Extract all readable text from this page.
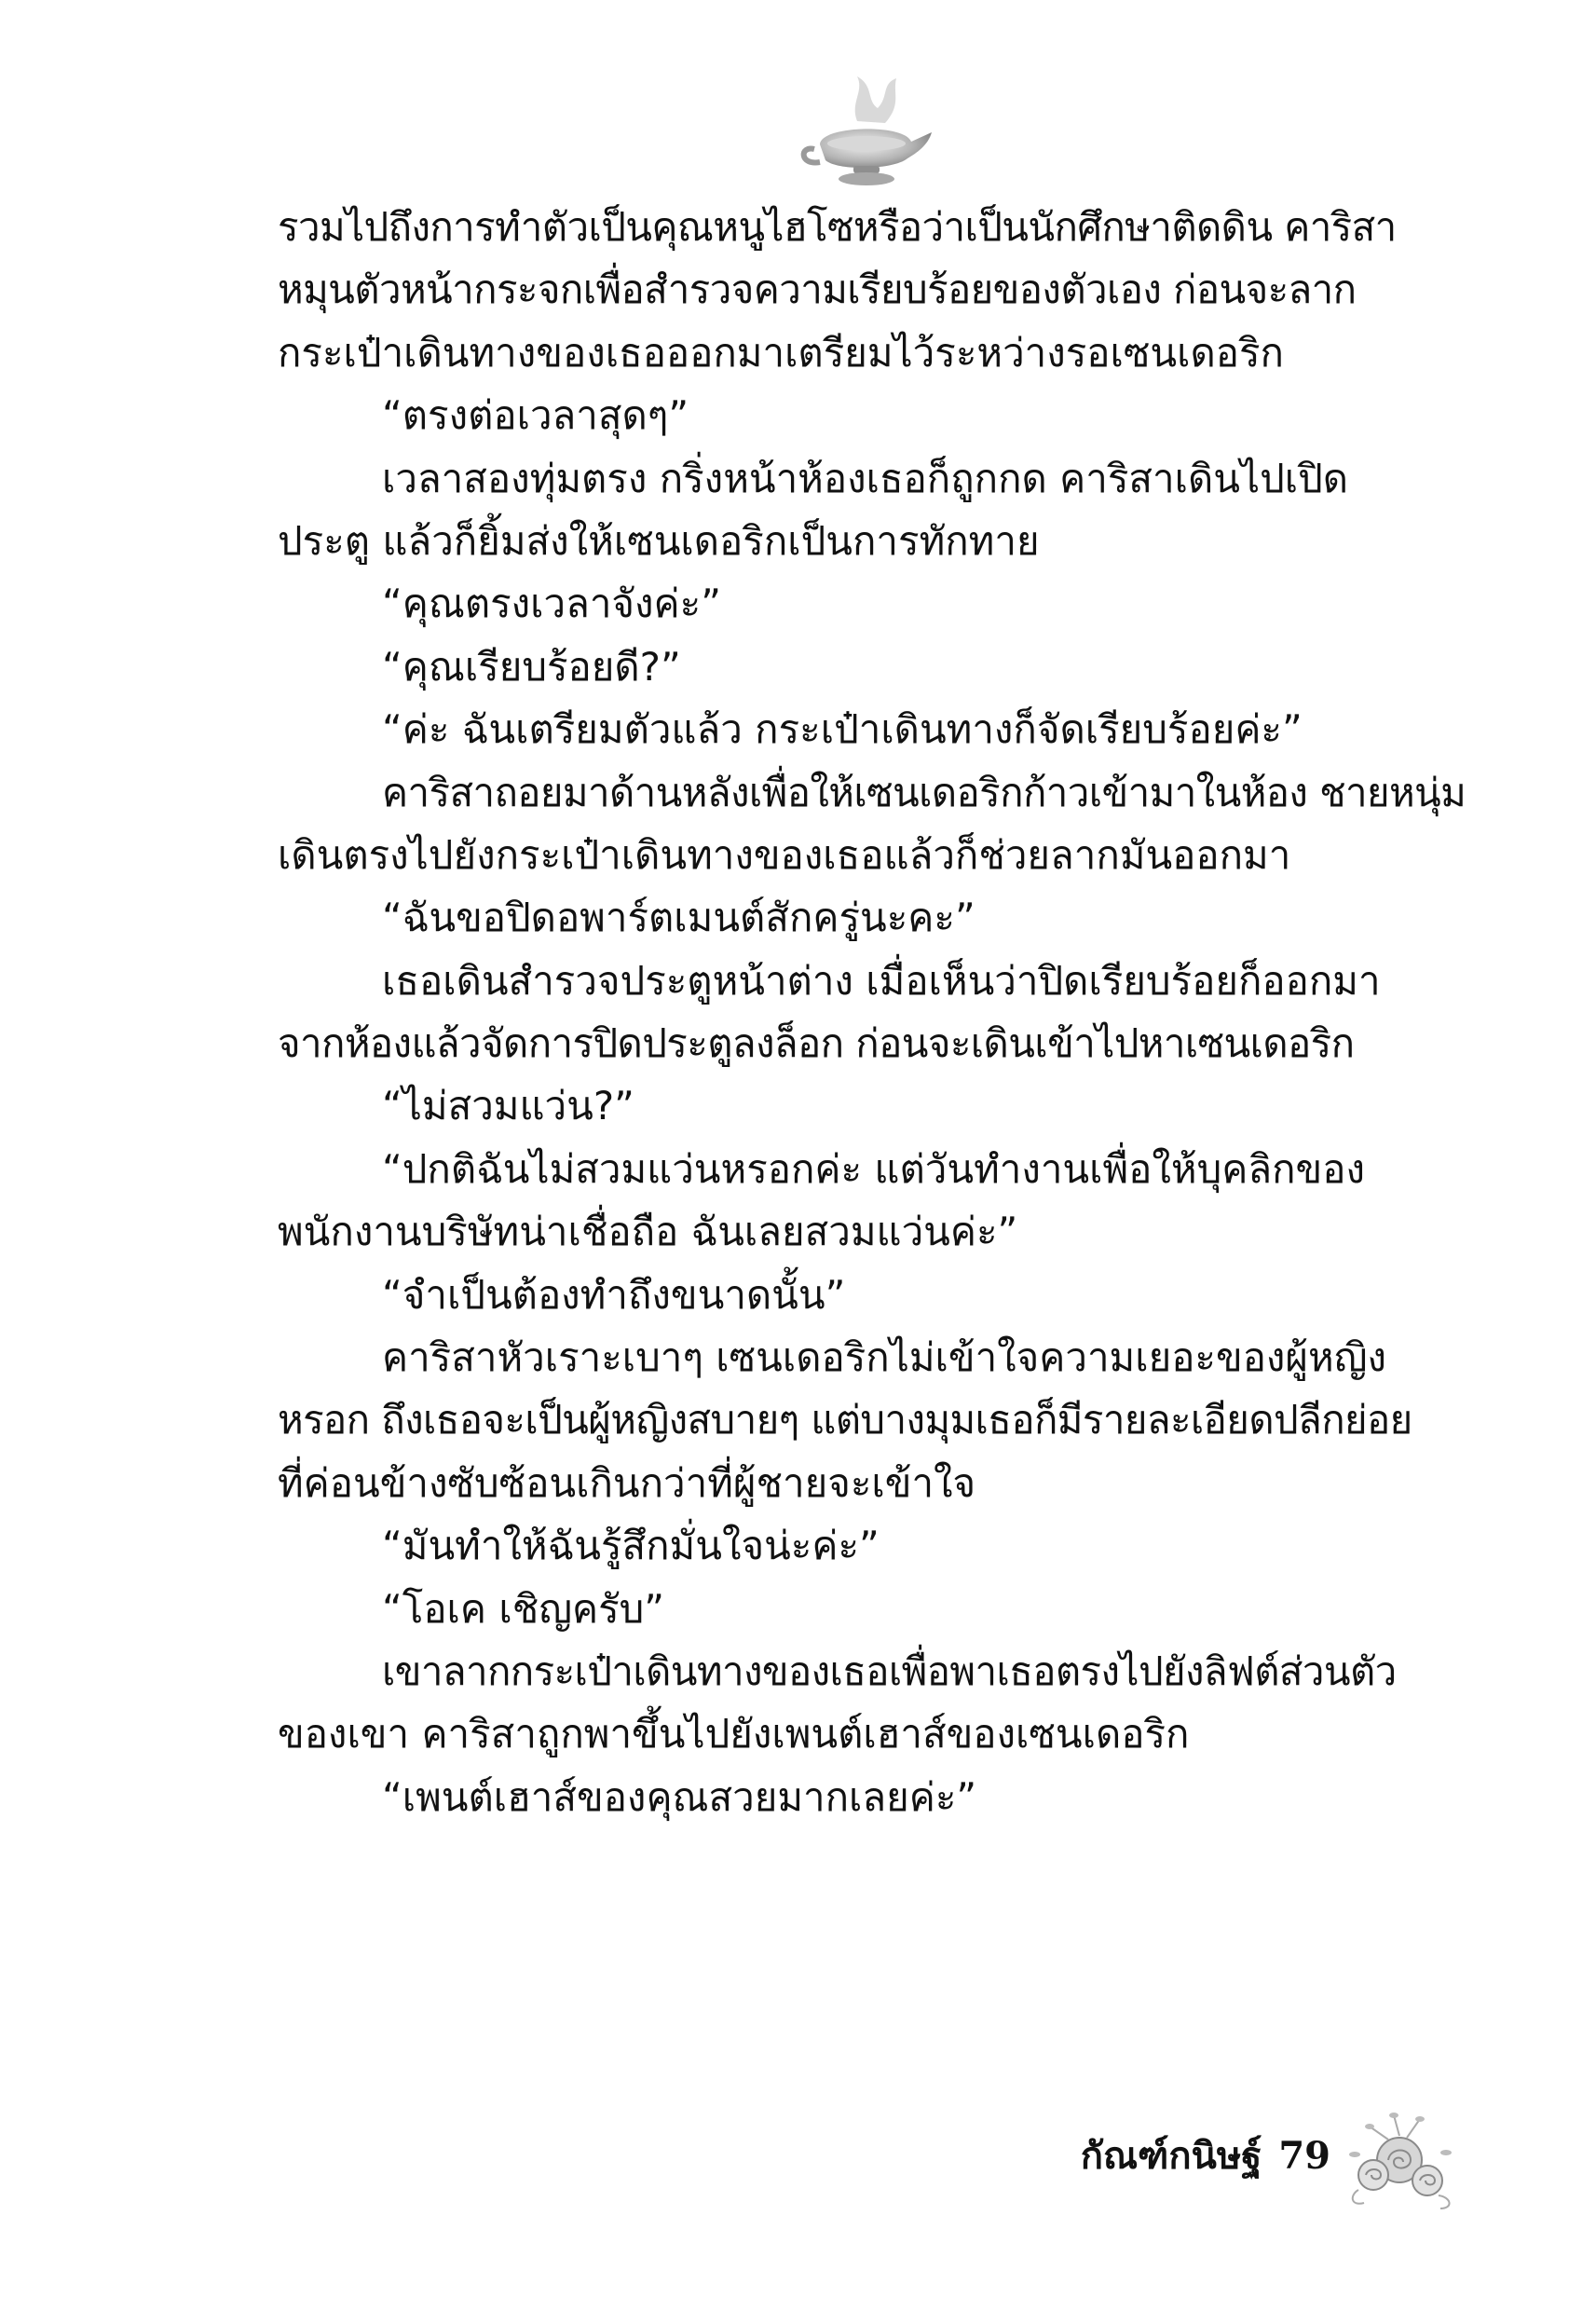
รวมไปถึงการทำตัวเป็นคุณหนูไฮโซหรือว่าเป็นนักศึกษาติดดิน คาริสา
หมุนตัวหน้ากระจกเพื่อสำรวจความเรียบร้อยของตัวเอง ก่อนจะลาก
กระเป๋าเดินทางของเธอออกมาเตรียมไว้ระหว่างรอเซนเดอริก
“ตรงต่อเวลาสุดๆ”
เวลาสองทุ่มตรง กริ่งหน้าห้องเธอก็ถูกกด คาริสาเดินไปเปิด
ประตู แล้วก็ยิ้มส่งให้เซนเดอริกเป็นการทักทาย
“คุณตรงเวลาจังค่ะ”
“คุณเรียบร้อยดี?”
“ค่ะ ฉันเตรียมตัวแล้ว กระเป๋าเดินทางก็จัดเรียบร้อยค่ะ”
คาริสาถอยมาด้านหลังเพื่อให้เซนเดอริกก้าวเข้ามาในห้อง ชายหนุ่ม
เดินตรงไปยังกระเป๋าเดินทางของเธอแล้วก็ช่วยลากมันออกมา
“ฉันขอปิดอพาร์ตเมนต์สักครู่นะคะ”
เธอเดินสำรวจประตูหน้าต่าง เมื่อเห็นว่าปิดเรียบร้อยก็ออกมา
จากห้องแล้วจัดการปิดประตูลงล็อก ก่อนจะเดินเข้าไปหาเซนเดอริก
“ไม่สวมแว่น?”
“ปกติฉันไม่สวมแว่นหรอกค่ะ แต่วันทำงานเพื่อให้บุคลิกของ
พนักงานบริษัทน่าเชื่อถือ ฉันเลยสวมแว่นค่ะ”
“จำเป็นต้องทำถึงขนาดนั้น”
คาริสาหัวเราะเบาๆ เซนเดอริกไม่เข้าใจความเยอะของผู้หญิง
หรอก ถึงเธอจะเป็นผู้หญิงสบายๆ แต่บางมุมเธอก็มีรายละเอียดปลีกย่อย
ที่ค่อนข้างซับซ้อนเกินกว่าที่ผู้ชายจะเข้าใจ
“มันทำให้ฉันรู้สึกมั่นใจน่ะค่ะ”
“โอเค เชิญครับ”
เขาลากกระเป๋าเดินทางของเธอเพื่อพาเธอตรงไปยังลิฟต์ส่วนตัว
ของเขา คาริสาถูกพาขึ้นไปยังเพนต์เฮาส์ของเซนเดอริก
“เพนต์เฮาส์ของคุณสวยมากเลยค่ะ”
กัณฑ์กนิษฐ์ 79
